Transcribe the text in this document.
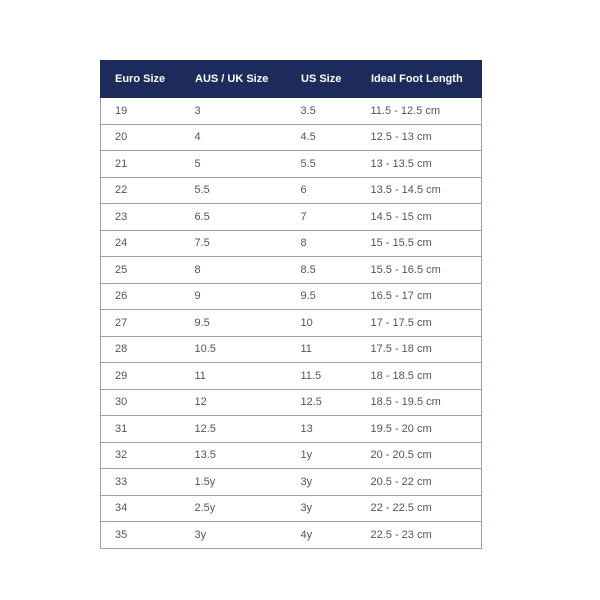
Euro Size	AUS / UK Size	US Size	Ideal Foot Length
19	3	3.5	11.5 - 12.5 cm
20	4	4.5	12.5 - 13 cm
21	5	5.5	13 - 13.5 cm
22	5.5	6	13.5 - 14.5 cm
23	6.5	7	14.5 - 15 cm
24	7.5	8	15 - 15.5 cm
25	8	8.5	15.5 - 16.5 cm
26	9	9.5	16.5 - 17 cm
27	9.5	10	17 - 17.5 cm
28	10.5	11	17.5 - 18 cm
29	11	11.5	18 - 18.5 cm
30	12	12.5	18.5 - 19.5 cm
31	12.5	13	19.5 - 20 cm
32	13.5	1y	20 - 20.5 cm
33	1.5y	3y	20.5 - 22 cm
34	2.5y	3y	22 - 22.5 cm
35	3y	4y	22.5 - 23 cm
